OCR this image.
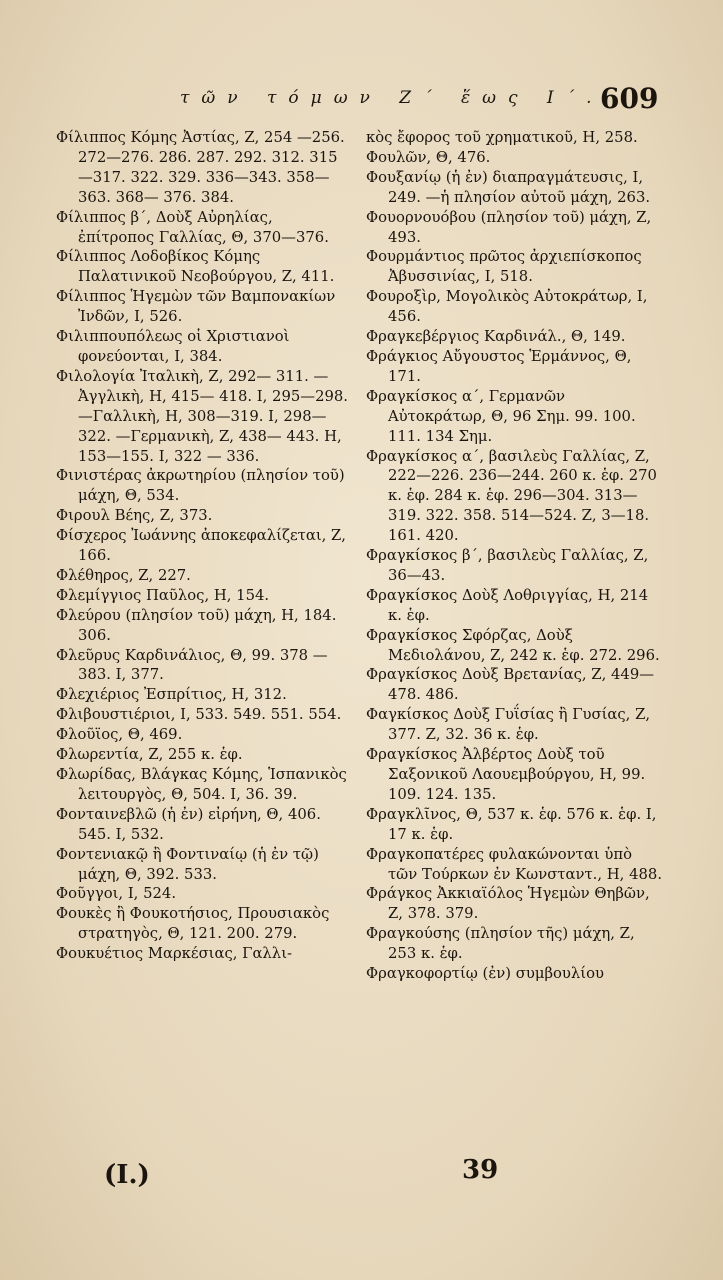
τῶν τόμων Ζ´ ἕως Ι´.
609

Φίλιππος Κόμης Ἀστίας, Ζ, 254 —256. 272—276. 286. 287. 292. 312. 315—317. 322. 329. 336—343. 358—363. 368— 376. 384.

Φίλιππος β´, Δοὺξ Αὐρηλίας, ἐπίτροπος Γαλλίας, Θ, 370—376.

Φίλιππος Λοδοβίκος Κόμης Παλατινικοῦ Νεοβούργου, Ζ, 411.

Φίλιππος Ἡγεμὼν τῶν Βαμπονακίων Ἰνδῶν, Ι, 526.

Φιλιππουπόλεως οἱ Χριστιανοὶ φονεύονται, Ι, 384.

Φιλολογία Ἰταλικὴ, Ζ, 292— 311. —Ἀγγλικὴ, Η, 415— 418. Ι, 295—298. —Γαλλικὴ, Η, 308—319. Ι, 298— 322. —Γερμανικὴ, Ζ, 438— 443. Η, 153—155. Ι, 322 — 336.

Φινιστέρας ἀκρωτηρίου (πλησίον τοῦ) μάχη, Θ, 534.

Φιρουλ Βέης, Ζ, 373.

Φίσχερος Ἰωάννης ἀποκεφαλίζεται, Ζ, 166.

Φλέθηρος, Ζ, 227.

Φλεμίγγιος Παῦλος, Η, 154.

Φλεύρου (πλησίον τοῦ) μάχη, Η, 184. 306.

Φλεῦρυς Καρδινάλιος, Θ, 99. 378 —383. Ι, 377.

Φλεχιέριος Ἐσπρίτιος, Η, 312.

Φλιβουστιέριοι, Ι, 533. 549. 551. 554.

Φλοῦϊος, Θ, 469.

Φλωρεντία, Ζ, 255 κ. ἑφ.

Φλωρίδας, Βλάγκας Κόμης, Ἱσπανικὸς λειτουργὸς, Θ, 504. Ι, 36. 39.

Φονταινεβλῶ (ἡ ἐν) εἰρήνη, Θ, 406. 545. Ι, 532.

Φοντενιακῷ ἢ Φοντιναίῳ (ἡ ἐν τῷ) μάχη, Θ, 392. 533.

Φοῦγγοι, Ι, 524.

Φουκὲς ἢ Φουκοτήσιος, Προυσιακὸς στρατηγὸς, Θ, 121. 200. 279.

Φουκυέτιος Μαρκέσιας, Γαλλι-

κὸς ἔφορος τοῦ χρηματικοῦ, Η, 258.

Φουλῶν, Θ, 476.

Φουξανίῳ (ἡ ἐν) διαπραγμάτευσις, Ι, 249. —ἡ πλησίον αὐτοῦ μάχη, 263.

Φουορνουόβου (πλησίον τοῦ) μάχη, Ζ, 493.

Φουρμάντιος πρῶτος ἀρχιεπίσκοπος Ἀβυσσινίας, Ι, 518.

Φουροξὶρ, Μογολικὸς Αὐτοκράτωρ, Ι, 456.

Φραγκεβέργιος Καρδινάλ., Θ, 149.

Φράγκιος Αὔγουστος Ἑρμάννος, Θ, 171.

Φραγκίσκος α´, Γερμανῶν Αὐτοκράτωρ, Θ, 96 Σημ. 99. 100. 111. 134 Σημ.

Φραγκίσκος α´, βασιλεὺς Γαλλίας, Ζ, 222—226. 236—244. 260 κ. ἑφ. 270 κ. ἑφ. 284 κ. ἑφ. 296—304. 313—319. 322. 358. 514—524. Ζ, 3—18. 161. 420.

Φραγκίσκος β´, βασιλεὺς Γαλλίας, Ζ, 36—43.

Φραγκίσκος Δοὺξ Λοθριγγίας, Η, 214 κ. ἑφ.

Φραγκίσκος Σφόρζας, Δοὺξ Μεδιολάνου, Ζ, 242 κ. ἑφ. 272. 296.

Φραγκίσκος Δοὺξ Βρετανίας, Ζ, 449—478. 486.

Φαγκίσκος Δοὺξ Γυΐσίας ἢ Γυσίας, Ζ, 377. Ζ, 32. 36 κ. ἑφ.

Φραγκίσκος Ἀλβέρτος Δοὺξ τοῦ Σαξονικοῦ Λαουεμβούργου, Η, 99. 109. 124. 135.

Φραγκλῖνος, Θ, 537 κ. ἑφ. 576 κ. ἑφ. Ι, 17 κ. ἑφ.

Φραγκοπατέρες φυλακώνονται ὑπὸ τῶν Τούρκων ἐν Κωνσταντ., Η, 488.

Φράγκος Ἀκκιαϊόλος Ἡγεμὼν Θηβῶν, Ζ, 378. 379.

Φραγκούσης (πλησίον τῆς) μάχη, Ζ, 253 κ. ἑφ.

Φραγκοφορτίῳ (ἐν) συμβουλίου

(I.)	39
